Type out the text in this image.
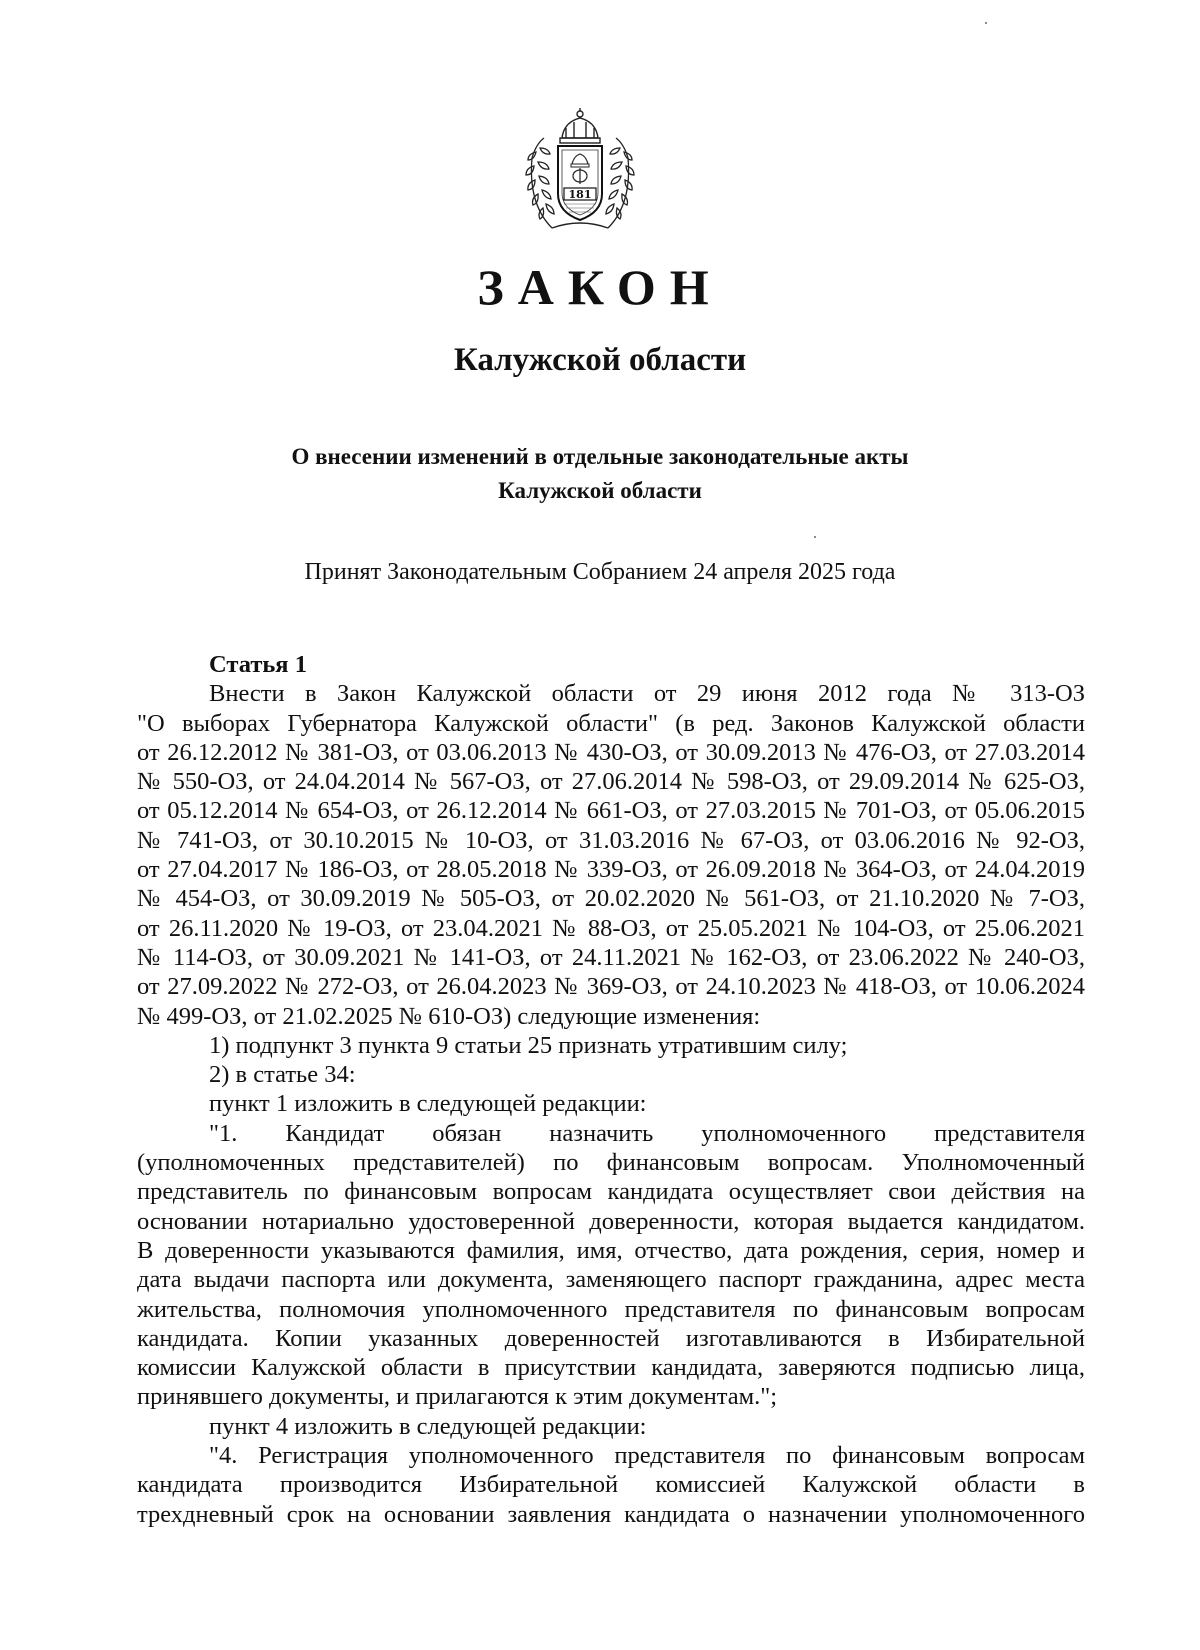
181
ЗАКОН
Калужской области
О внесении изменений в отдельные законодательные акты
Калужской области
Принят Законодательным Собранием 24 апреля 2025 года
Статья 1
Внести в Закон Калужской области от 29 июня 2012 года № 313-ОЗ
"О выборах Губернатора Калужской области" (в ред. Законов Калужской области
от 26.12.2012 № 381-ОЗ, от 03.06.2013 № 430-ОЗ, от 30.09.2013 № 476-ОЗ, от 27.03.2014
№ 550-ОЗ, от 24.04.2014 № 567-ОЗ, от 27.06.2014 № 598-ОЗ, от 29.09.2014 № 625-ОЗ,
от 05.12.2014 № 654-ОЗ, от 26.12.2014 № 661-ОЗ, от 27.03.2015 № 701-ОЗ, от 05.06.2015
№ 741-ОЗ, от 30.10.2015 № 10-ОЗ, от 31.03.2016 № 67-ОЗ, от 03.06.2016 № 92-ОЗ,
от 27.04.2017 № 186-ОЗ, от 28.05.2018 № 339-ОЗ, от 26.09.2018 № 364-ОЗ, от 24.04.2019
№ 454-ОЗ, от 30.09.2019 № 505-ОЗ, от 20.02.2020 № 561-ОЗ, от 21.10.2020 № 7-ОЗ,
от 26.11.2020 № 19-ОЗ, от 23.04.2021 № 88-ОЗ, от 25.05.2021 № 104-ОЗ, от 25.06.2021
№ 114-ОЗ, от 30.09.2021 № 141-ОЗ, от 24.11.2021 № 162-ОЗ, от 23.06.2022 № 240-ОЗ,
от 27.09.2022 № 272-ОЗ, от 26.04.2023 № 369-ОЗ, от 24.10.2023 № 418-ОЗ, от 10.06.2024
№ 499-ОЗ, от 21.02.2025 № 610-ОЗ) следующие изменения:
1) подпункт 3 пункта 9 статьи 25 признать утратившим силу;
2) в статье 34:
пункт 1 изложить в следующей редакции:
"1. Кандидат обязан назначить уполномоченного представителя
(уполномоченных представителей) по финансовым вопросам. Уполномоченный
представитель по финансовым вопросам кандидата осуществляет свои действия на
основании нотариально удостоверенной доверенности, которая выдается кандидатом.
В доверенности указываются фамилия, имя, отчество, дата рождения, серия, номер и
дата выдачи паспорта или документа, заменяющего паспорт гражданина, адрес места
жительства, полномочия уполномоченного представителя по финансовым вопросам
кандидата. Копии указанных доверенностей изготавливаются в Избирательной
комиссии Калужской области в присутствии кандидата, заверяются подписью лица,
принявшего документы, и прилагаются к этим документам.";
пункт 4 изложить в следующей редакции:
"4. Регистрация уполномоченного представителя по финансовым вопросам
кандидата производится Избирательной комиссией Калужской области в
трехдневный срок на основании заявления кандидата о назначении уполномоченного
